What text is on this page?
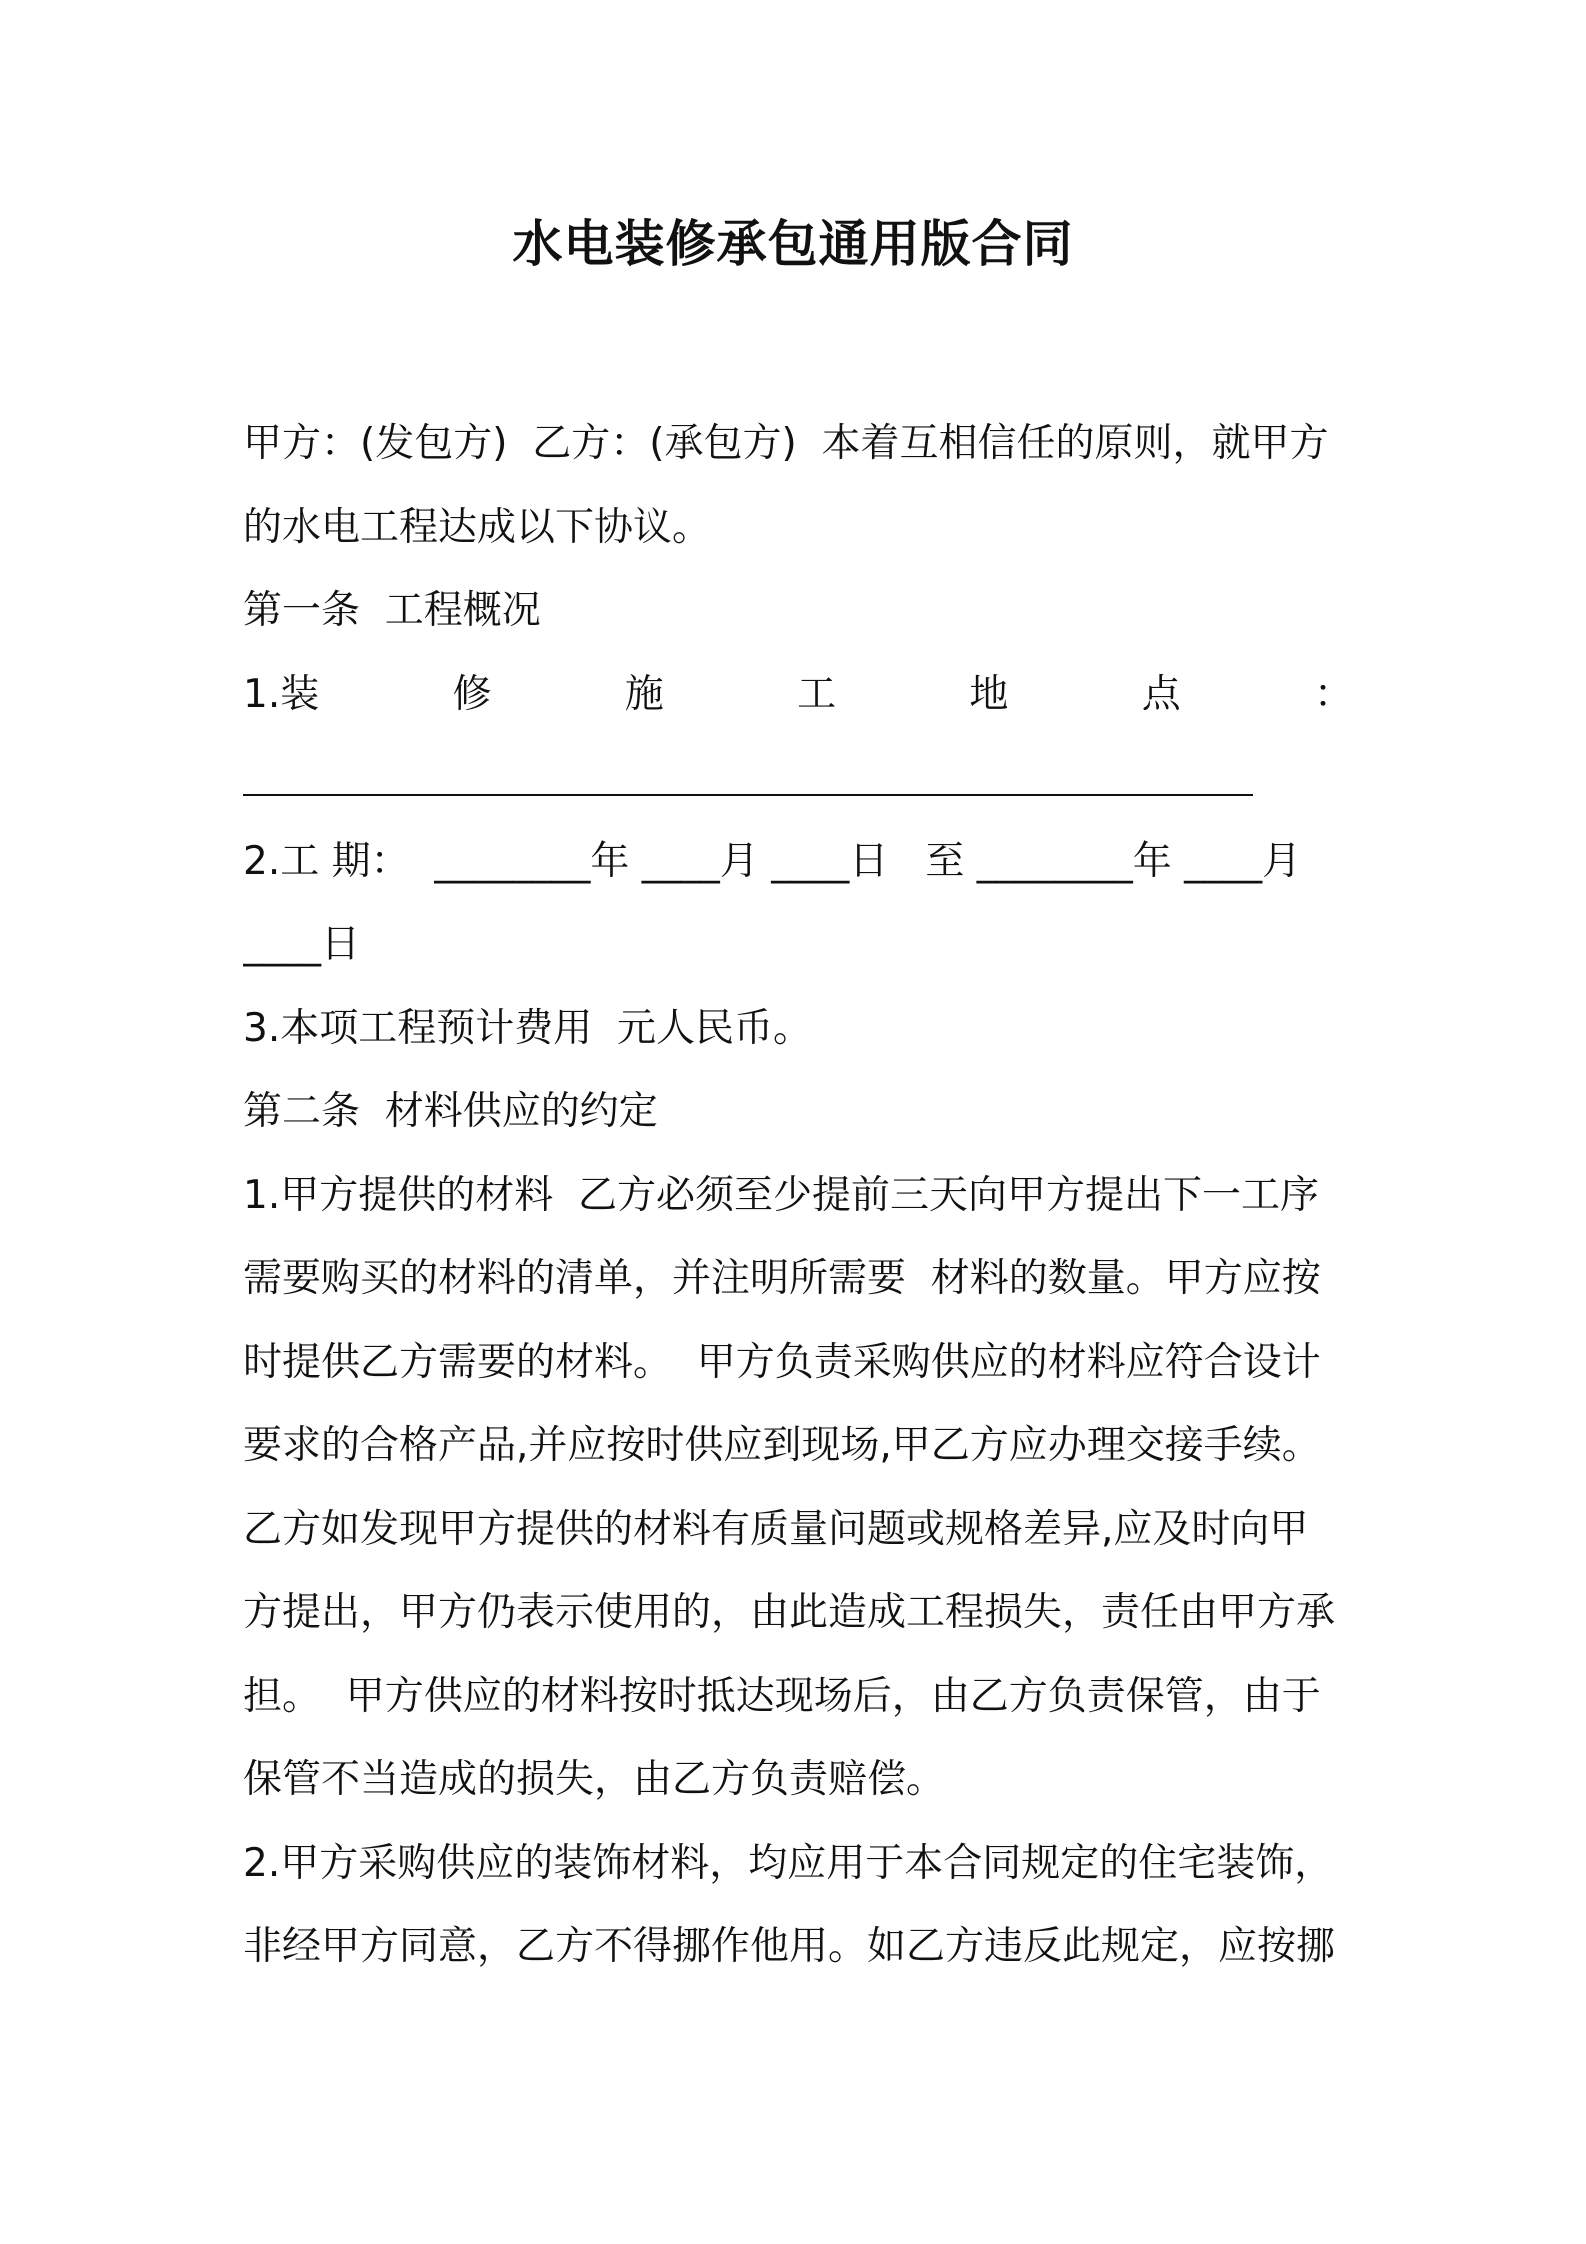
水电装修承包通用版合同
甲方：(发包方)  乙方：(承包方)  本着互相信任的原则，就甲方
的水电工程达成以下协议。
第一条  工程概况
1.装	修	施	工	地	点	：
2.工 期：  ________年 ____月 ____日   至 ________年 ____月
____日
3.本项工程预计费用  元人民币。
第二条  材料供应的约定
1.甲方提供的材料  乙方必须至少提前三天向甲方提出下一工序
需要购买的材料的清单，并注明所需要  材料的数量。甲方应按
时提供乙方需要的材料。  甲方负责采购供应的材料应符合设计
要求的合格产品,并应按时供应到现场,甲乙方应办理交接手续。
乙方如发现甲方提供的材料有质量问题或规格差异,应及时向甲
方提出，甲方仍表示使用的，由此造成工程损失，责任由甲方承
担。  甲方供应的材料按时抵达现场后，由乙方负责保管，由于
保管不当造成的损失，由乙方负责赔偿。
2.甲方采购供应的装饰材料，均应用于本合同规定的住宅装饰，
非经甲方同意，乙方不得挪作他用。如乙方违反此规定，应按挪
